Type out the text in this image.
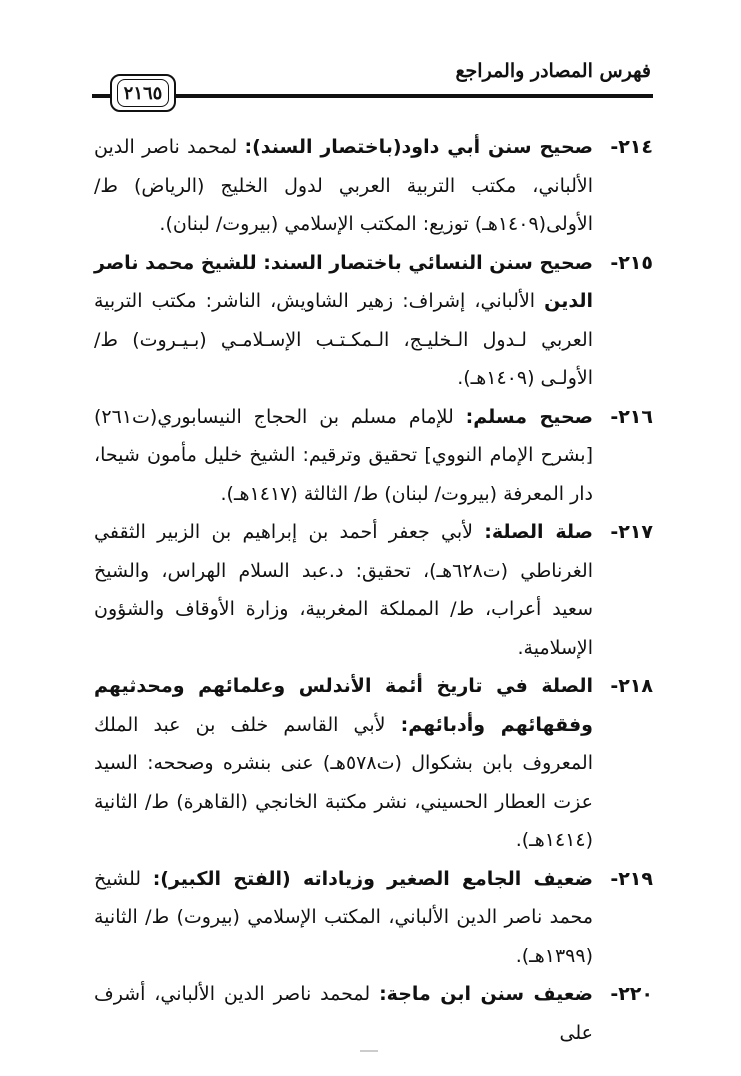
فهرس المصادر والمراجع
٢١٦٥
٢١٤-
صحيح سنن أبي داود(باختصار السند): لمحمد ناصر الدين الألباني، مكتب التربية العربي لدول الخليج (الرياض) ط/ الأولى(١٤٠٩هـ) توزيع: المكتب الإسلامي (بيروت/ لبنان).
٢١٥-
صحيح سنن النسائي باختصار السند: للشيخ محمد ناصر الدين الألباني، إشراف: زهير الشاويش، الناشر: مكتب التربية العربي لـدول الـخليـج، الـمكـتـب الإسـلامـي (بـيـروت) ط/ الأولـى (١٤٠٩هـ).
٢١٦-
صحيح مسلم: للإمام مسلم بن الحجاج النيسابوري(ت٢٦١) [بشرح الإمام النووي] تحقيق وترقيم: الشيخ خليل مأمون شيحا، دار المعرفة (بيروت/ لبنان) ط/ الثالثة (١٤١٧هـ).
٢١٧-
صلة الصلة: لأبي جعفر أحمد بن إبراهيم بن الزبير الثقفي الغرناطي (ت٦٢٨هـ)، تحقيق: د.عبد السلام الهراس، والشيخ سعيد أعراب، ط/ المملكة المغربية، وزارة الأوقاف والشؤون الإسلامية.
٢١٨-
الصلة في تاريخ أئمة الأندلس وعلمائهم ومحدثيهم وفقهائهم وأدبائهم: لأبي القاسم خلف بن عبد الملك المعروف بابن بشكوال (ت٥٧٨هـ) عنى بنشره وصححه: السيد عزت العطار الحسيني، نشر مكتبة الخانجي (القاهرة) ط/ الثانية (١٤١٤هـ).
٢١٩-
ضعيف الجامع الصغير وزياداته (الفتح الكبير): للشيخ محمد ناصر الدين الألباني، المكتب الإسلامي (بيروت) ط/ الثانية (١٣٩٩هـ).
٢٢٠-
ضعيف سنن ابن ماجة: لمحمد ناصر الدين الألباني، أشرف على
